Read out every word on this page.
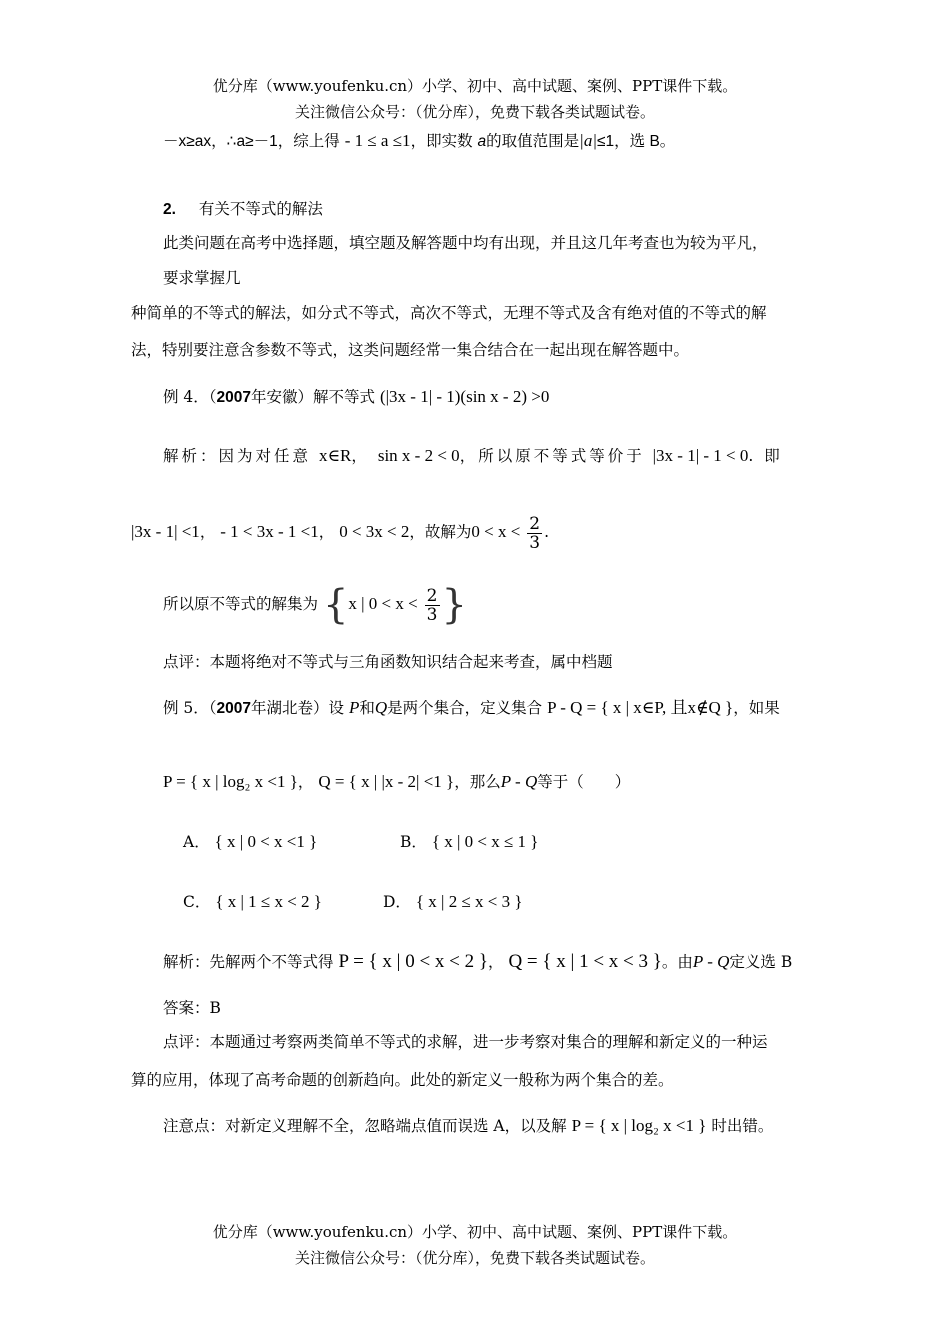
优分库（www.youfenku.cn）小学、初中、高中试题、案例、PPT课件下载。
关注微信公众号：（优分库），免费下载各类试题试卷。
－x≥ax，∴a≥－1，综上得 - 1 ≤ a ≤1，即实数 a的取值范围是|a|≤1，选 B。
2. 有关不等式的解法
此类问题在高考中选择题，填空题及解答题中均有出现，并且这几年考查也为较为平凡，
要求掌握几
种简单的不等式的解法，如分式不等式，高次不等式，无理不等式及含有绝对值的不等式的解
法，特别要注意含参数不等式，这类问题经常一集合结合在一起出现在解答题中。
例 4．（2007年安徽）解不等式 (|3x - 1| - 1)(sin x - 2) >0
解析：因为对任意 x∈R， sin x - 2 < 0，所以原不等式等价于 |3x - 1| - 1 < 0. 即
|3x - 1| <1， - 1 < 3x - 1 <1， 0 < 3x < 2，故解为$0 < x < \frac{2}{3}$ .
所以原不等式的解集为 {x | $0 < x < \frac{2}{3}$ }
点评：本题将绝对不等式与三角函数知识结合起来考查，属中档题
例 5．（2007年湖北卷）设 P和Q是两个集合，定义集合 P - Q = { x | x∈P, 且x∉Q }，如果
P = { x | log₂ x <1 }， Q = { x | |x - 2| <1 }，那么P - Q等于（　　）
A． { x | 0 < x <1 }	B． { x | 0 < x ≤ 1 }
C． { x | 1 ≤ x < 2 }	D． { x | 2 ≤ x < 3 }
解析：先解两个不等式得 P = { x | 0 < x < 2 }， Q = { x | 1 < x < 3 }。由P - Q定义选 B
答案：B
点评：本题通过考察两类简单不等式的求解，进一步考察对集合的理解和新定义的一种运
算的应用，体现了高考命题的创新趋向。此处的新定义一般称为两个集合的差。
注意点：对新定义理解不全，忽略端点值而误选 A，以及解 P = { x | log₂ x <1 } 时出错。
优分库（www.youfenku.cn）小学、初中、高中试题、案例、PPT课件下载。
关注微信公众号：（优分库），免费下载各类试题试卷。
